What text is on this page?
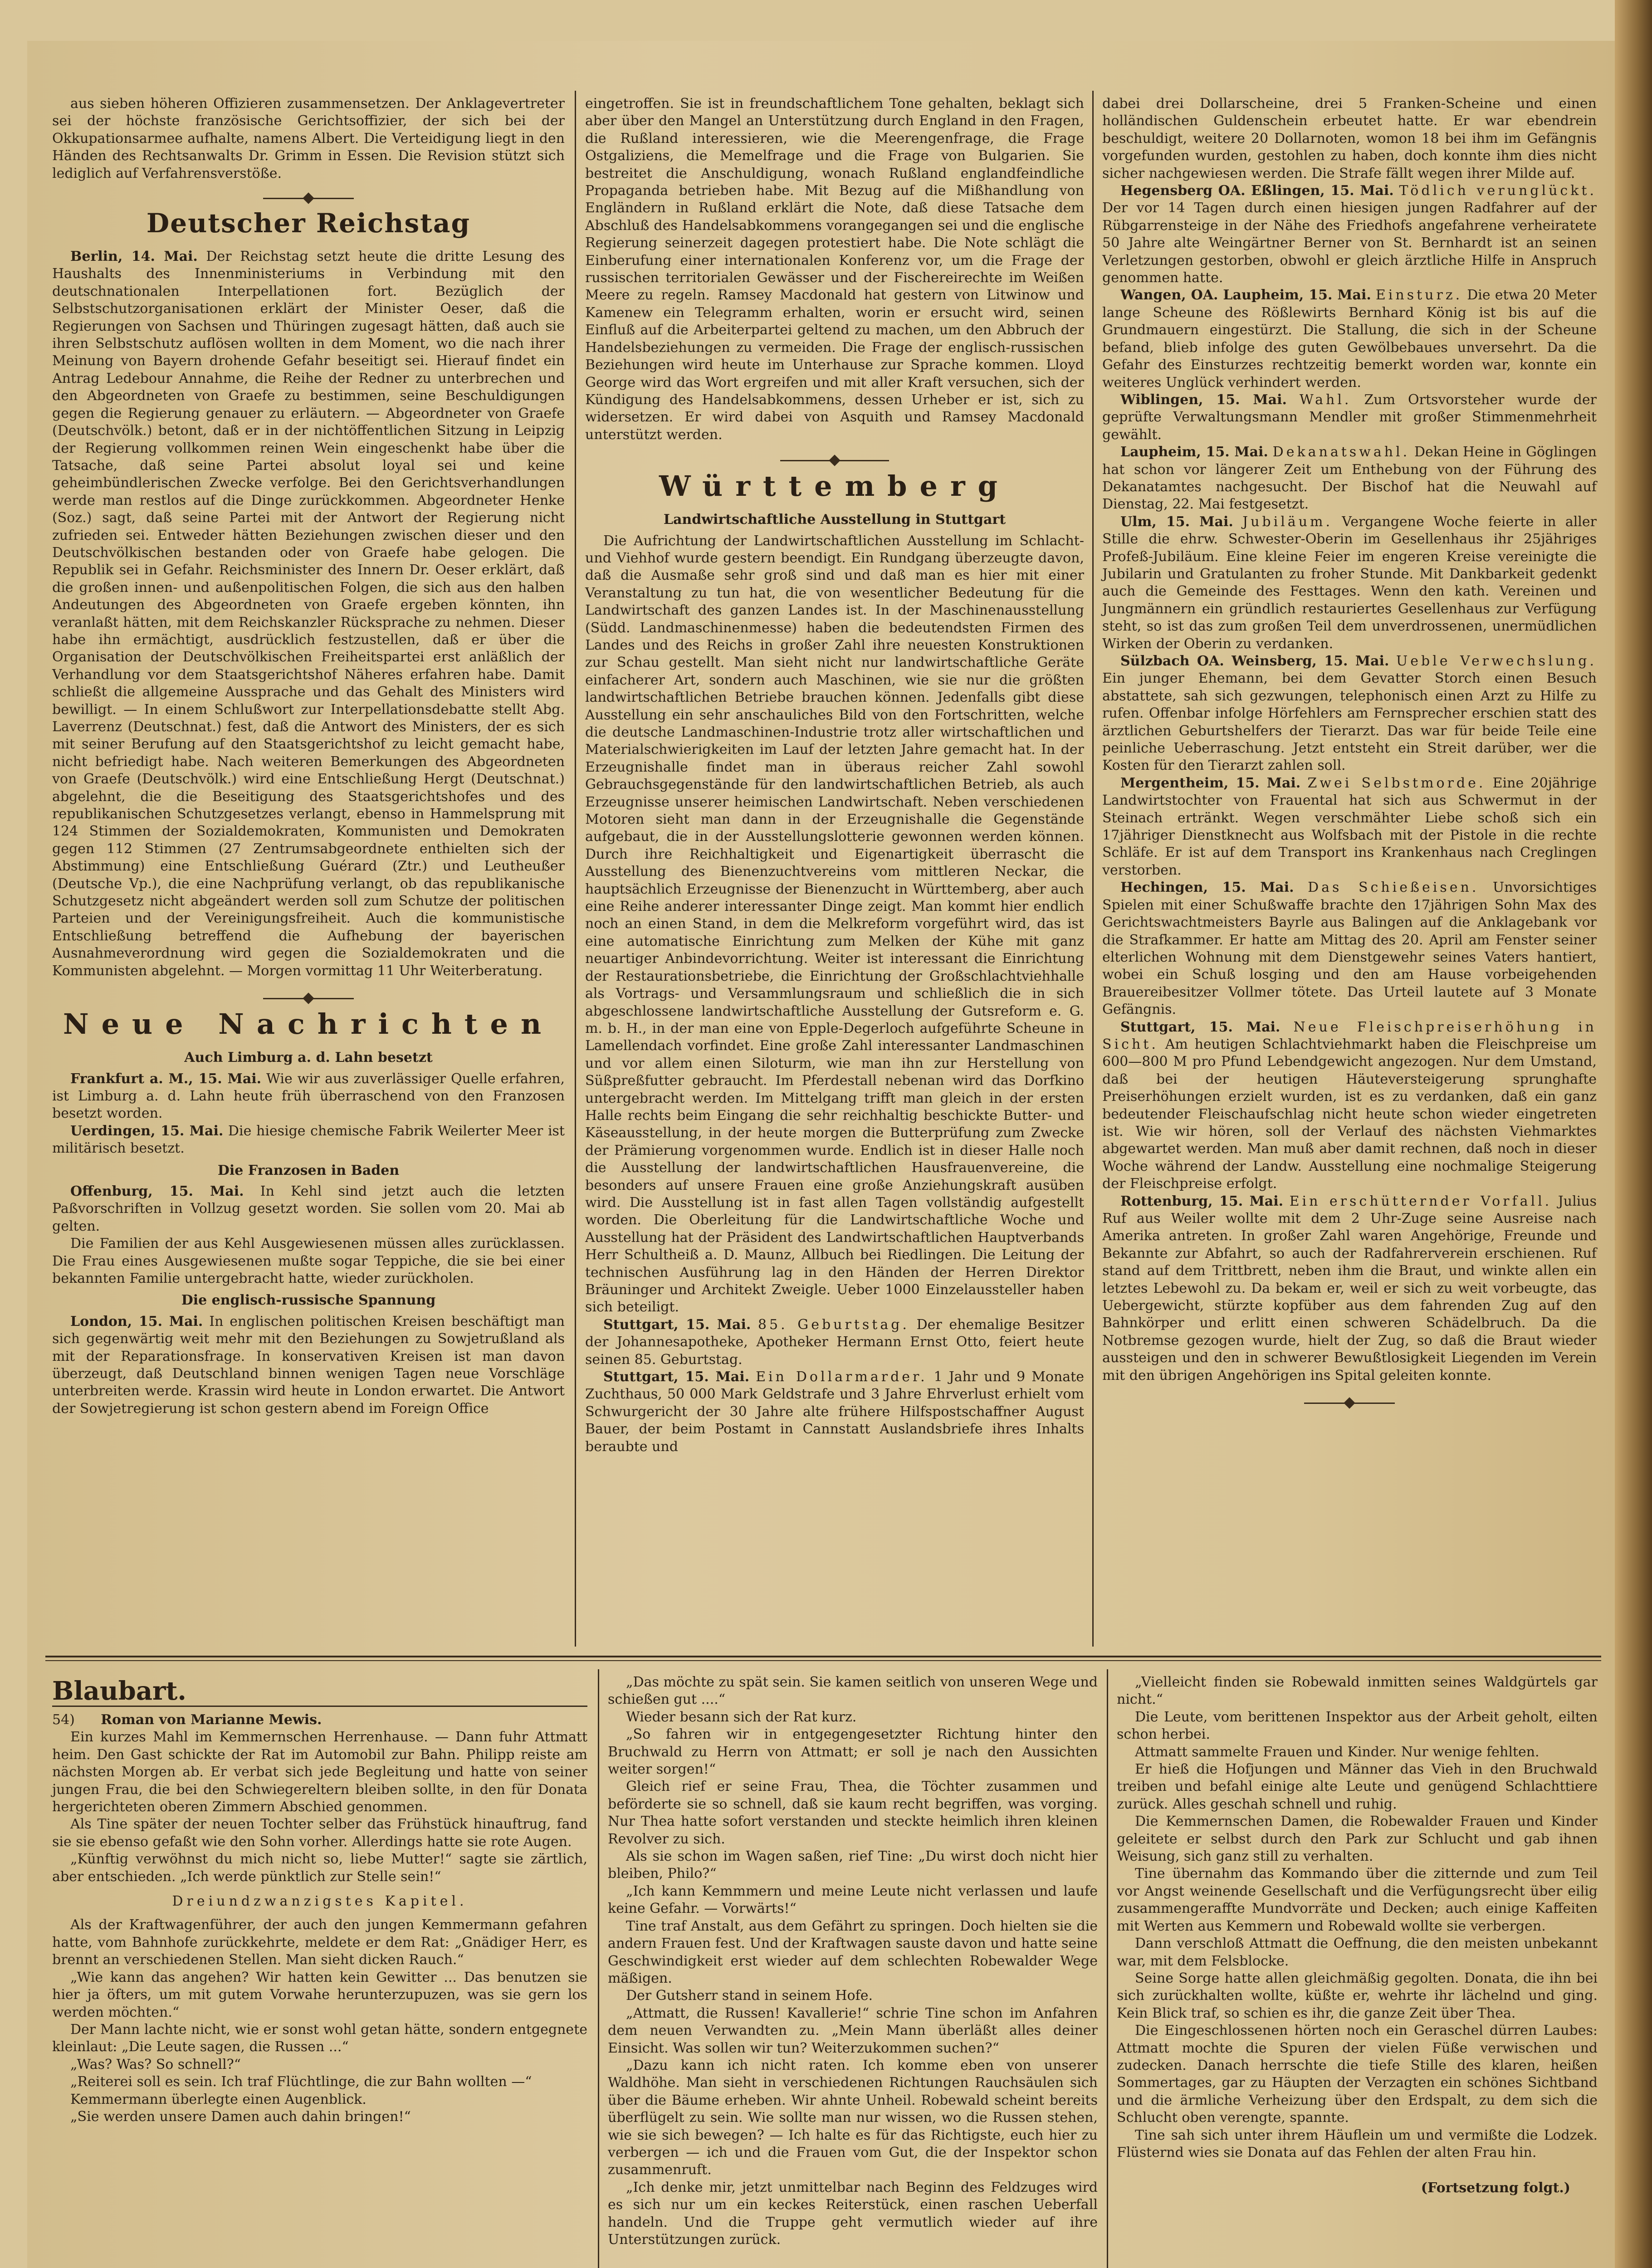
aus sieben höheren Offizieren zusammensetzen. Der Anklagevertreter sei der höchste französische Gerichtsoffizier, der sich bei der Okkupationsarmee aufhalte, namens Albert. Die Verteidigung liegt in den Händen des Rechtsanwalts Dr. Grimm in Essen. Die Revision stützt sich lediglich auf Verfahrensverstöße.

Deutscher Reichstag

Berlin, 14. Mai. Der Reichstag setzt heute die dritte Lesung des Haushalts des Innenministeriums in Verbindung mit den deutschnationalen Interpellationen fort. Bezüglich der Selbstschutzorganisationen erklärt der Minister Oeser, daß die Regierungen von Sachsen und Thüringen zugesagt hätten, daß auch sie ihren Selbstschutz auflösen wollten in dem Moment, wo die nach ihrer Meinung von Bayern drohende Gefahr beseitigt sei. Hierauf findet ein Antrag Ledebour Annahme, die Reihe der Redner zu unterbrechen und den Abgeordneten von Graefe zu bestimmen, seine Beschuldigungen gegen die Regierung genauer zu erläutern. — Abgeordneter von Graefe (Deutschvölk.) betont, daß er in der nichtöffentlichen Sitzung in Leipzig der Regierung vollkommen reinen Wein eingeschenkt habe über die Tatsache, daß seine Partei absolut loyal sei und keine geheimbündlerischen Zwecke verfolge. Bei den Gerichtsverhandlungen werde man restlos auf die Dinge zurückkommen. Abgeordneter Henke (Soz.) sagt, daß seine Partei mit der Antwort der Regierung nicht zufrieden sei. Entweder hätten Beziehungen zwischen dieser und den Deutschvölkischen bestanden oder von Graefe habe gelogen. Die Republik sei in Gefahr. Reichsminister des Innern Dr. Oeser erklärt, daß die großen innen- und außenpolitischen Folgen, die sich aus den halben Andeutungen des Abgeordneten von Graefe ergeben könnten, ihn veranlaßt hätten, mit dem Reichskanzler Rücksprache zu nehmen. Dieser habe ihn ermächtigt, ausdrücklich festzustellen, daß er über die Organisation der Deutschvölkischen Freiheitspartei erst anläßlich der Verhandlung vor dem Staatsgerichtshof Näheres erfahren habe. Damit schließt die allgemeine Aussprache und das Gehalt des Ministers wird bewilligt. — In einem Schlußwort zur Interpellationsdebatte stellt Abg. Laverrenz (Deutschnat.) fest, daß die Antwort des Ministers, der es sich mit seiner Berufung auf den Staatsgerichtshof zu leicht gemacht habe, nicht befriedigt habe. Nach weiteren Bemerkungen des Abgeordneten von Graefe (Deutschvölk.) wird eine Entschließung Hergt (Deutschnat.) abgelehnt, die die Beseitigung des Staatsgerichtshofes und des republikanischen Schutzgesetzes verlangt, ebenso in Hammelsprung mit 124 Stimmen der Sozialdemokraten, Kommunisten und Demokraten gegen 112 Stimmen (27 Zentrumsabgeordnete enthielten sich der Abstimmung) eine Entschließung Guérard (Ztr.) und Leutheußer (Deutsche Vp.), die eine Nachprüfung verlangt, ob das republikanische Schutzgesetz nicht abgeändert werden soll zum Schutze der politischen Parteien und der Vereinigungsfreiheit. Auch die kommunistische Entschließung betreffend die Aufhebung der bayerischen Ausnahmeverordnung wird gegen die Sozialdemokraten und die Kommunisten abgelehnt. — Morgen vormittag 11 Uhr Weiterberatung.

Neue Nachrichten
Auch Limburg a. d. Lahn besetzt

Frankfurt a. M., 15. Mai. Wie wir aus zuverlässiger Quelle erfahren, ist Limburg a. d. Lahn heute früh überraschend von den Franzosen besetzt worden.

Uerdingen, 15. Mai. Die hiesige chemische Fabrik Weilerter Meer ist militärisch besetzt.

Die Franzosen in Baden

Offenburg, 15. Mai. In Kehl sind jetzt auch die letzten Paßvorschriften in Vollzug gesetzt worden. Sie sollen vom 20. Mai ab gelten.

Die Familien der aus Kehl Ausgewiesenen müssen alles zurücklassen. Die Frau eines Ausgewiesenen mußte sogar Teppiche, die sie bei einer bekannten Familie untergebracht hatte, wieder zurückholen.

Die englisch-russische Spannung

London, 15. Mai. In englischen politischen Kreisen beschäftigt man sich gegenwärtig weit mehr mit den Beziehungen zu Sowjetrußland als mit der Reparationsfrage. In konservativen Kreisen ist man davon überzeugt, daß Deutschland binnen wenigen Tagen neue Vorschläge unterbreiten werde. Krassin wird heute in London erwartet. Die Antwort der Sowjetregierung ist schon gestern abend im Foreign Office

eingetroffen. Sie ist in freundschaftlichem Tone gehalten, beklagt sich aber über den Mangel an Unterstützung durch England in den Fragen, die Rußland interessieren, wie die Meerengenfrage, die Frage Ostgaliziens, die Memelfrage und die Frage von Bulgarien. Sie bestreitet die Anschuldigung, wonach Rußland englandfeindliche Propaganda betrieben habe. Mit Bezug auf die Mißhandlung von Engländern in Rußland erklärt die Note, daß diese Tatsache dem Abschluß des Handelsabkommens vorangegangen sei und die englische Regierung seinerzeit dagegen protestiert habe. Die Note schlägt die Einberufung einer internationalen Konferenz vor, um die Frage der russischen territorialen Gewässer und der Fischereirechte im Weißen Meere zu regeln. Ramsey Macdonald hat gestern von Litwinow und Kamenew ein Telegramm erhalten, worin er ersucht wird, seinen Einfluß auf die Arbeiterpartei geltend zu machen, um den Abbruch der Handelsbeziehungen zu vermeiden. Die Frage der englisch-russischen Beziehungen wird heute im Unterhause zur Sprache kommen. Lloyd George wird das Wort ergreifen und mit aller Kraft versuchen, sich der Kündigung des Handelsabkommens, dessen Urheber er ist, sich zu widersetzen. Er wird dabei von Asquith und Ramsey Macdonald unterstützt werden.

Württemberg
Landwirtschaftliche Ausstellung in Stuttgart

Die Aufrichtung der Landwirtschaftlichen Ausstellung im Schlacht- und Viehhof wurde gestern beendigt. Ein Rundgang überzeugte davon, daß die Ausmaße sehr groß sind und daß man es hier mit einer Veranstaltung zu tun hat, die von wesentlicher Bedeutung für die Landwirtschaft des ganzen Landes ist. In der Maschinenausstellung (Südd. Landmaschinenmesse) haben die bedeutendsten Firmen des Landes und des Reichs in großer Zahl ihre neuesten Konstruktionen zur Schau gestellt. Man sieht nicht nur landwirtschaftliche Geräte einfacherer Art, sondern auch Maschinen, wie sie nur die größten landwirtschaftlichen Betriebe brauchen können. Jedenfalls gibt diese Ausstellung ein sehr anschauliches Bild von den Fortschritten, welche die deutsche Landmaschinen-Industrie trotz aller wirtschaftlichen und Materialschwierigkeiten im Lauf der letzten Jahre gemacht hat. In der Erzeugnishalle findet man in überaus reicher Zahl sowohl Gebrauchsgegenstände für den landwirtschaftlichen Betrieb, als auch Erzeugnisse unserer heimischen Landwirtschaft. Neben verschiedenen Motoren sieht man dann in der Erzeugnishalle die Gegenstände aufgebaut, die in der Ausstellungslotterie gewonnen werden können. Durch ihre Reichhaltigkeit und Eigenartigkeit überrascht die Ausstellung des Bienenzuchtvereins vom mittleren Neckar, die hauptsächlich Erzeugnisse der Bienenzucht in Württemberg, aber auch eine Reihe anderer interessanter Dinge zeigt. Man kommt hier endlich noch an einen Stand, in dem die Melkreform vorgeführt wird, das ist eine automatische Einrichtung zum Melken der Kühe mit ganz neuartiger Anbindevorrichtung. Weiter ist interessant die Einrichtung der Restaurationsbetriebe, die Einrichtung der Großschlachtviehhalle als Vortrags- und Versammlungsraum und schließlich die in sich abgeschlossene landwirtschaftliche Ausstellung der Gutsreform e. G. m. b. H., in der man eine von Epple-Degerloch aufgeführte Scheune in Lamellendach vorfindet. Eine große Zahl interessanter Landmaschinen und vor allem einen Siloturm, wie man ihn zur Herstellung von Süßpreßfutter gebraucht. Im Pferdestall nebenan wird das Dorfkino untergebracht werden. Im Mittelgang trifft man gleich in der ersten Halle rechts beim Eingang die sehr reichhaltig beschickte Butter- und Käseausstellung, in der heute morgen die Butterprüfung zum Zwecke der Prämierung vorgenommen wurde. Endlich ist in dieser Halle noch die Ausstellung der landwirtschaftlichen Hausfrauenvereine, die besonders auf unsere Frauen eine große Anziehungskraft ausüben wird. Die Ausstellung ist in fast allen Tagen vollständig aufgestellt worden. Die Oberleitung für die Landwirtschaftliche Woche und Ausstellung hat der Präsident des Landwirtschaftlichen Hauptverbands Herr Schultheiß a. D. Maunz, Allbuch bei Riedlingen. Die Leitung der technischen Ausführung lag in den Händen der Herren Direktor Bräuninger und Architekt Zweigle. Ueber 1000 Einzelaussteller haben sich beteiligt.

Stuttgart, 15. Mai. 85. Geburtstag. Der ehemalige Besitzer der Johannesapotheke, Apotheker Hermann Ernst Otto, feiert heute seinen 85. Geburtstag.

Stuttgart, 15. Mai. Ein Dollarmarder. 1 Jahr und 9 Monate Zuchthaus, 50 000 Mark Geldstrafe und 3 Jahre Ehrverlust erhielt vom Schwurgericht der 30 Jahre alte frühere Hilfspostschaffner August Bauer, der beim Postamt in Cannstatt Auslandsbriefe ihres Inhalts beraubte und

dabei drei Dollarscheine, drei 5 Franken-Scheine und einen holländischen Guldenschein erbeutet hatte. Er war ebendrein beschuldigt, weitere 20 Dollarnoten, womon 18 bei ihm im Gefängnis vorgefunden wurden, gestohlen zu haben, doch konnte ihm dies nicht sicher nachgewiesen werden. Die Strafe fällt wegen ihrer Milde auf.

Hegensberg OA. Eßlingen, 15. Mai. Tödlich verunglückt. Der vor 14 Tagen durch einen hiesigen jungen Radfahrer auf der Rübgarrensteige in der Nähe des Friedhofs angefahrene verheiratete 50 Jahre alte Weingärtner Berner von St. Bernhardt ist an seinen Verletzungen gestorben, obwohl er gleich ärztliche Hilfe in Anspruch genommen hatte.

Wangen, OA. Laupheim, 15. Mai. Einsturz. Die etwa 20 Meter lange Scheune des Rößlewirts Bernhard König ist bis auf die Grundmauern eingestürzt. Die Stallung, die sich in der Scheune befand, blieb infolge des guten Gewölbebaues unversehrt. Da die Gefahr des Einsturzes rechtzeitig bemerkt worden war, konnte ein weiteres Unglück verhindert werden.

Wiblingen, 15. Mai. Wahl. Zum Ortsvorsteher wurde der geprüfte Verwaltungsmann Mendler mit großer Stimmenmehrheit gewählt.

Laupheim, 15. Mai. Dekanatswahl. Dekan Heine in Göglingen hat schon vor längerer Zeit um Enthebung von der Führung des Dekanatamtes nachgesucht. Der Bischof hat die Neuwahl auf Dienstag, 22. Mai festgesetzt.

Ulm, 15. Mai. Jubiläum. Vergangene Woche feierte in aller Stille die ehrw. Schwester-Oberin im Gesellenhaus ihr 25jähriges Profeß-Jubiläum. Eine kleine Feier im engeren Kreise vereinigte die Jubilarin und Gratulanten zu froher Stunde. Mit Dankbarkeit gedenkt auch die Gemeinde des Festtages. Wenn den kath. Vereinen und Jungmännern ein gründlich restauriertes Gesellenhaus zur Verfügung steht, so ist das zum großen Teil dem unverdrossenen, unermüdlichen Wirken der Oberin zu verdanken.

Sülzbach OA. Weinsberg, 15. Mai. Ueble Verwechslung. Ein junger Ehemann, bei dem Gevatter Storch einen Besuch abstattete, sah sich gezwungen, telephonisch einen Arzt zu Hilfe zu rufen. Offenbar infolge Hörfehlers am Fernsprecher erschien statt des ärztlichen Geburtshelfers der Tierarzt. Das war für beide Teile eine peinliche Ueberraschung. Jetzt entsteht ein Streit darüber, wer die Kosten für den Tierarzt zahlen soll.

Mergentheim, 15. Mai. Zwei Selbstmorde. Eine 20jährige Landwirtstochter von Frauental hat sich aus Schwermut in der Steinach ertränkt. Wegen verschmähter Liebe schoß sich ein 17jähriger Dienstknecht aus Wolfsbach mit der Pistole in die rechte Schläfe. Er ist auf dem Transport ins Krankenhaus nach Creglingen verstorben.

Hechingen, 15. Mai. Das Schießeisen. Unvorsichtiges Spielen mit einer Schußwaffe brachte den 17jährigen Sohn Max des Gerichtswachtmeisters Bayrle aus Balingen auf die Anklagebank vor die Strafkammer. Er hatte am Mittag des 20. April am Fenster seiner elterlichen Wohnung mit dem Dienstgewehr seines Vaters hantiert, wobei ein Schuß losging und den am Hause vorbeigehenden Brauereibesitzer Vollmer tötete. Das Urteil lautete auf 3 Monate Gefängnis.

Stuttgart, 15. Mai. Neue Fleischpreiserhöhung in Sicht. Am heutigen Schlachtviehmarkt haben die Fleischpreise um 600—800 M pro Pfund Lebendgewicht angezogen. Nur dem Umstand, daß bei der heutigen Häuteversteigerung sprunghafte Preiserhöhungen erzielt wurden, ist es zu verdanken, daß ein ganz bedeutender Fleischaufschlag nicht heute schon wieder eingetreten ist. Wie wir hören, soll der Verlauf des nächsten Viehmarktes abgewartet werden. Man muß aber damit rechnen, daß noch in dieser Woche während der Landw. Ausstellung eine nochmalige Steigerung der Fleischpreise erfolgt.

Rottenburg, 15. Mai. Ein erschütternder Vorfall. Julius Ruf aus Weiler wollte mit dem 2 Uhr-Zuge seine Ausreise nach Amerika antreten. In großer Zahl waren Angehörige, Freunde und Bekannte zur Abfahrt, so auch der Radfahrerverein erschienen. Ruf stand auf dem Trittbrett, neben ihm die Braut, und winkte allen ein letztes Lebewohl zu. Da bekam er, weil er sich zu weit vorbeugte, das Uebergewicht, stürzte kopfüber aus dem fahrenden Zug auf den Bahnkörper und erlitt einen schweren Schädelbruch. Da die Notbremse gezogen wurde, hielt der Zug, so daß die Braut wieder aussteigen und den in schwerer Bewußtlosigkeit Liegenden im Verein mit den übrigen Angehörigen ins Spital geleiten konnte.

Blaubart.

54) Roman von Marianne Mewis.

Ein kurzes Mahl im Kemmernschen Herrenhause. — Dann fuhr Attmatt heim. Den Gast schickte der Rat im Automobil zur Bahn. Philipp reiste am nächsten Morgen ab. Er verbat sich jede Begleitung und hatte von seiner jungen Frau, die bei den Schwiegereltern bleiben sollte, in den für Donata hergerichteten oberen Zimmern Abschied genommen.

Als Tine später der neuen Tochter selber das Frühstück hinauftrug, fand sie sie ebenso gefaßt wie den Sohn vorher. Allerdings hatte sie rote Augen.

„Künftig verwöhnst du mich nicht so, liebe Mutter!“ sagte sie zärtlich, aber entschieden. „Ich werde pünktlich zur Stelle sein!“

Dreiundzwanzigstes Kapitel.

Als der Kraftwagenführer, der auch den jungen Kemmermann gefahren hatte, vom Bahnhofe zurückkehrte, meldete er dem Rat: „Gnädiger Herr, es brennt an verschiedenen Stellen. Man sieht dicken Rauch.“

„Wie kann das angehen? Wir hatten kein Gewitter ... Das benutzen sie hier ja öfters, um mit gutem Vorwahe herunterzupuzen, was sie gern los werden möchten.“

Der Mann lachte nicht, wie er sonst wohl getan hätte, sondern entgegnete kleinlaut: „Die Leute sagen, die Russen ...“

„Was? Was? So schnell?“

„Reiterei soll es sein. Ich traf Flüchtlinge, die zur Bahn wollten —“

Kemmermann überlegte einen Augenblick.

„Sie werden unsere Damen auch dahin bringen!“

„Das möchte zu spät sein. Sie kamen seitlich von unseren Wege und schießen gut ....“

Wieder besann sich der Rat kurz.

„So fahren wir in entgegengesetzter Richtung hinter den Bruchwald zu Herrn von Attmatt; er soll je nach den Aussichten weiter sorgen!“

Gleich rief er seine Frau, Thea, die Töchter zusammen und beförderte sie so schnell, daß sie kaum recht begriffen, was vorging. Nur Thea hatte sofort verstanden und steckte heimlich ihren kleinen Revolver zu sich.

Als sie schon im Wagen saßen, rief Tine: „Du wirst doch nicht hier bleiben, Philo?“

„Ich kann Kemmmern und meine Leute nicht verlassen und laufe keine Gefahr. — Vorwärts!“

Tine traf Anstalt, aus dem Gefährt zu springen. Doch hielten sie die andern Frauen fest. Und der Kraftwagen sauste davon und hatte seine Geschwindigkeit erst wieder auf dem schlechten Robewalder Wege mäßigen.

Der Gutsherr stand in seinem Hofe.

„Attmatt, die Russen! Kavallerie!“ schrie Tine schon im Anfahren dem neuen Verwandten zu. „Mein Mann überläßt alles deiner Einsicht. Was sollen wir tun? Weiterzukommen suchen?“

„Dazu kann ich nicht raten. Ich komme eben von unserer Waldhöhe. Man sieht in verschiedenen Richtungen Rauchsäulen sich über die Bäume erheben. Wir ahnte Unheil. Robewald scheint bereits überflügelt zu sein. Wie sollte man nur wissen, wo die Russen stehen, wie sie sich bewegen? — Ich halte es für das Richtigste, euch hier zu verbergen — ich und die Frauen vom Gut, die der Inspektor schon zusammenruft.

„Ich denke mir, jetzt unmittelbar nach Beginn des Feldzuges wird es sich nur um ein keckes Reiterstück, einen raschen Ueberfall handeln. Und die Truppe geht vermutlich wieder auf ihre Unterstützungen zurück.

„Vielleicht finden sie Robewald inmitten seines Waldgürtels gar nicht.“

Die Leute, vom berittenen Inspektor aus der Arbeit geholt, eilten schon herbei.

Attmatt sammelte Frauen und Kinder. Nur wenige fehlten.

Er hieß die Hofjungen und Männer das Vieh in den Bruchwald treiben und befahl einige alte Leute und genügend Schlachttiere zurück. Alles geschah schnell und ruhig.

Die Kemmernschen Damen, die Robewalder Frauen und Kinder geleitete er selbst durch den Park zur Schlucht und gab ihnen Weisung, sich ganz still zu verhalten.

Tine übernahm das Kommando über die zitternde und zum Teil vor Angst weinende Gesellschaft und die Verfügungsrecht über eilig zusammengeraffte Mundvorräte und Decken; auch einige Kaffeiten mit Werten aus Kemmern und Robewald wollte sie verbergen.

Dann verschloß Attmatt die Oeffnung, die den meisten unbekannt war, mit dem Felsblocke.

Seine Sorge hatte allen gleichmäßig gegolten. Donata, die ihn bei sich zurückhalten wollte, küßte er, wehrte ihr lächelnd und ging. Kein Blick traf, so schien es ihr, die ganze Zeit über Thea.

Die Eingeschlossenen hörten noch ein Geraschel dürren Laubes: Attmatt mochte die Spuren der vielen Füße verwischen und zudecken. Danach herrschte die tiefe Stille des klaren, heißen Sommertages, gar zu Häupten der Verzagten ein schönes Sichtband und die ärmliche Verheizung über den Erdspalt, zu dem sich die Schlucht oben verengte, spannte.

Tine sah sich unter ihrem Häuflein um und vermißte die Lodzek. Flüsternd wies sie Donata auf das Fehlen der alten Frau hin.

(Fortsetzung folgt.)
